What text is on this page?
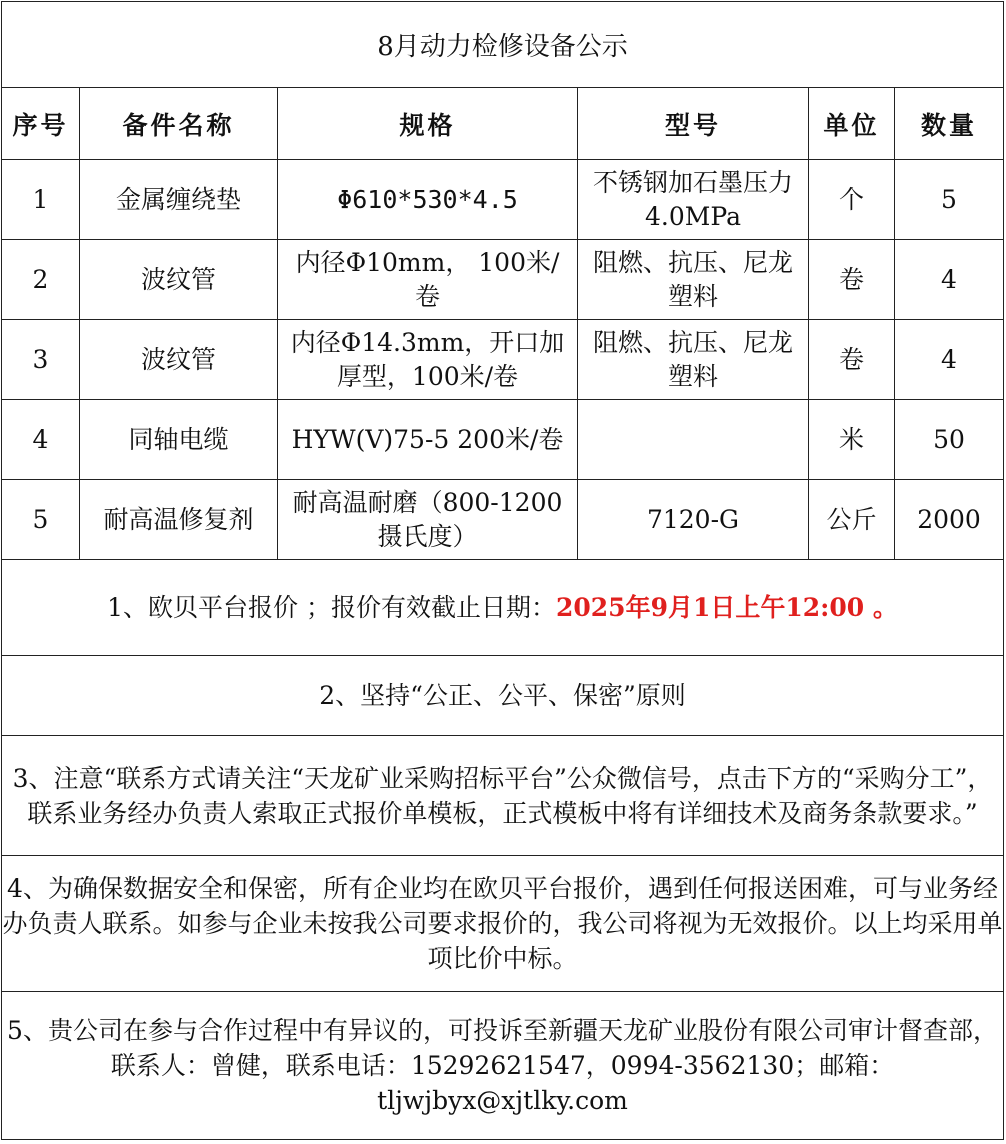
8月动力检修设备公示					
序号	备件名称	规格	型号	单位	数量
1	金属缠绕垫	Φ610*530*4.5	不锈钢加石墨压力4.0MPa	个	5
2	波纹管	内径Φ10mm， 100米/卷	阻燃、抗压、尼龙塑料	卷	4
3	波纹管	内径Φ14.3mm，开口加厚型，100米/卷	阻燃、抗压、尼龙塑料	卷	4
4	同轴电缆	HYW(V)75-5 200米/卷		米	50
5	耐高温修复剂	耐高温耐磨（800-1200摄氏度）	7120-G	公斤	2000
1、欧贝平台报价 ；报价有效截止日期：2025年9月1日上午12:00 。					
2、坚持“公正、公平、保密”原则					
3、注意“联系方式请关注“天龙矿业采购招标平台”公众微信号，点击下方的“采购分工”，联系业务经办负责人索取正式报价单模板，正式模板中将有详细技术及商务条款要求。”					
4、为确保数据安全和保密，所有企业均在欧贝平台报价，遇到任何报送困难，可与业务经办负责人联系。如参与企业未按我公司要求报价的，我公司将视为无效报价。以上均采用单项比价中标。					
5、贵公司在参与合作过程中有异议的，可投诉至新疆天龙矿业股份有限公司审计督查部，联系人：曾健，联系电话：15292621547，0994-3562130；邮箱：tljwjbyx@xjtlky.com					
